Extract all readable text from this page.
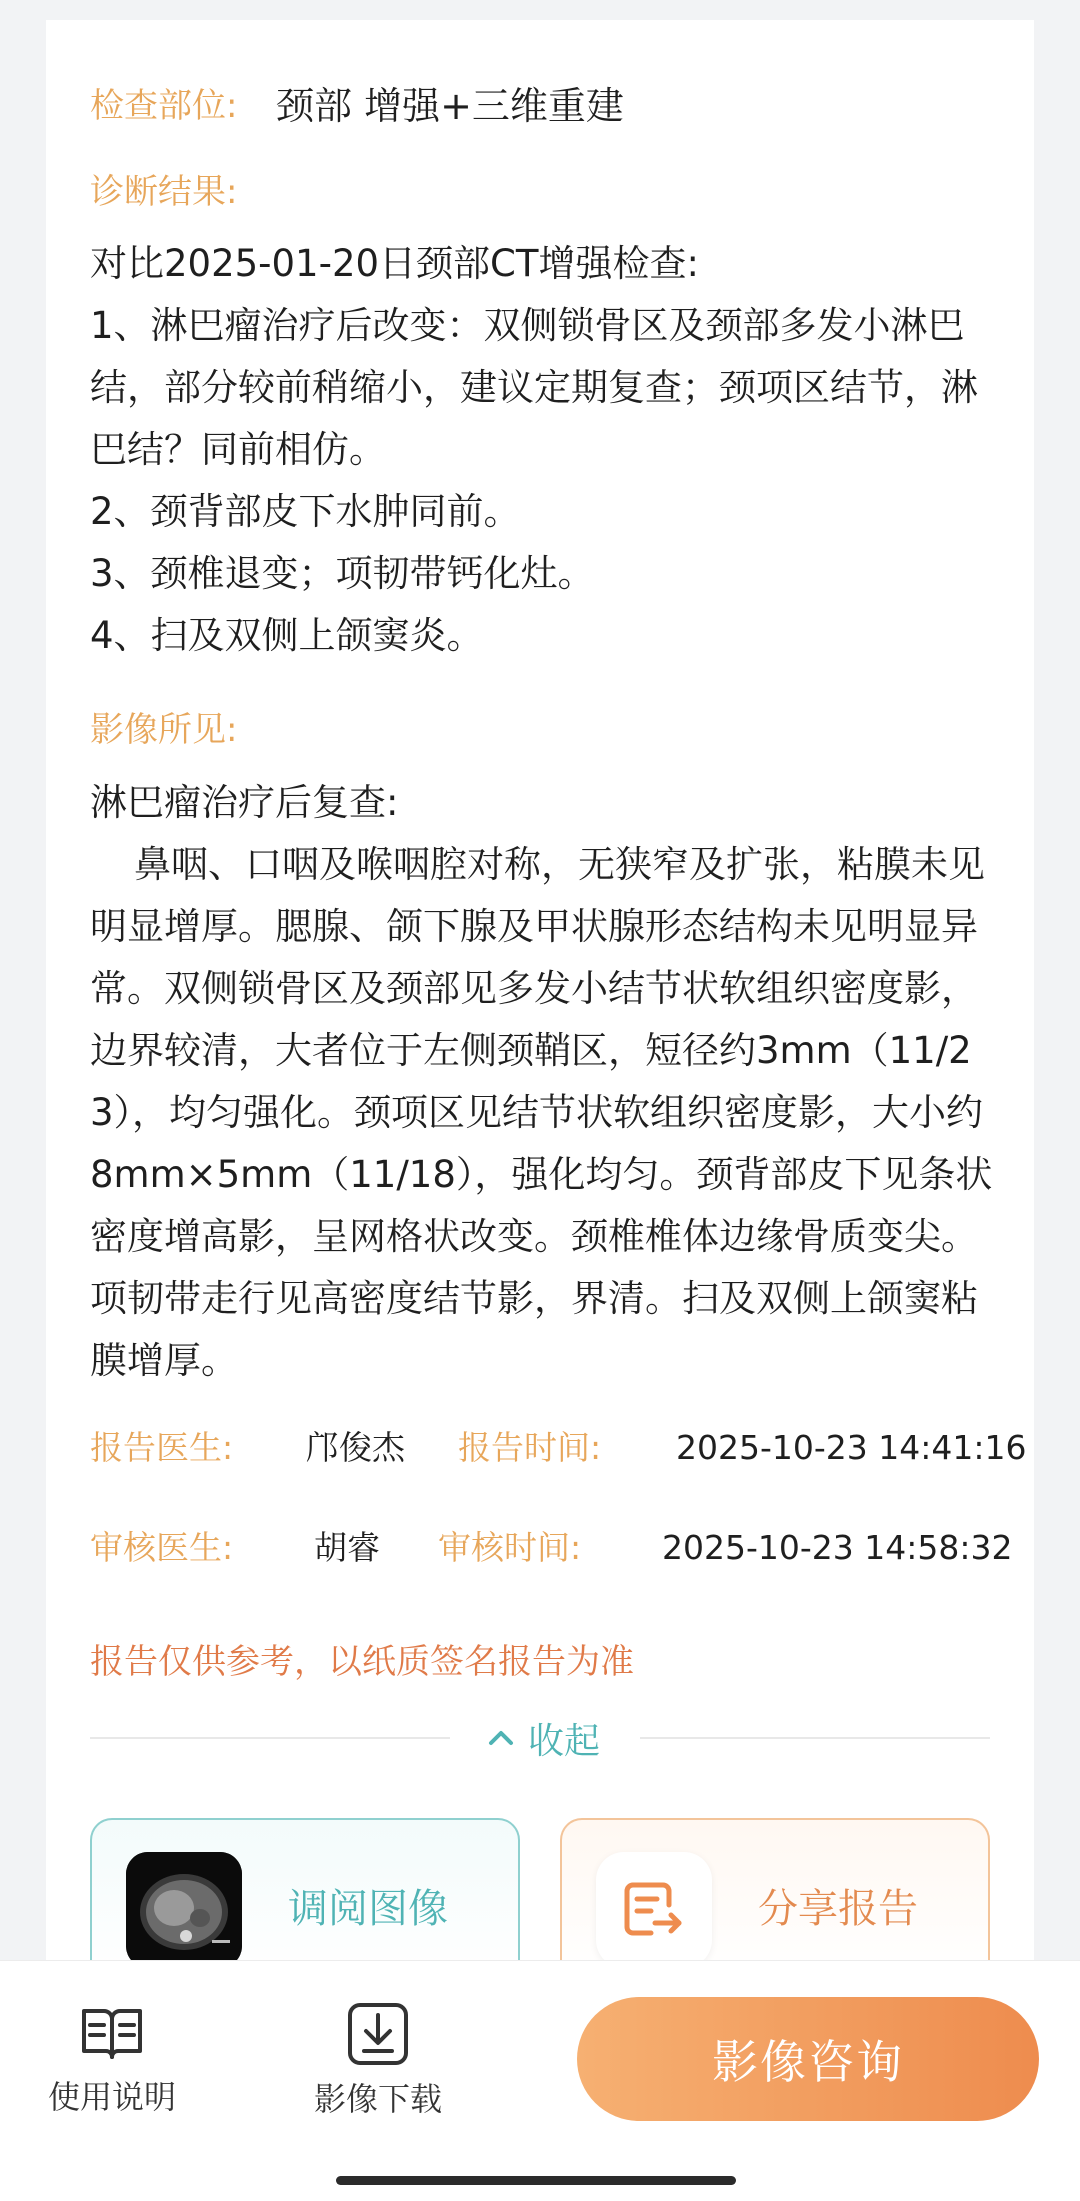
检查部位: 颈部 增强+三维重建
诊断结果:
对比2025-01-20日颈部CT增强检查:
1、淋巴瘤治疗后改变：双侧锁骨区及颈部多发小淋巴结，部分较前稍缩小，建议定期复查；颈项区结节，淋巴结？同前相仿。
2、颈背部皮下水肿同前。
3、颈椎退变；项韧带钙化灶。
4、扫及双侧上颌窦炎。
影像所见:
淋巴瘤治疗后复查:
鼻咽、口咽及喉咽腔对称，无狭窄及扩张，粘膜未见明显增厚。腮腺、颌下腺及甲状腺形态结构未见明显异常。双侧锁骨区及颈部见多发小结节状软组织密度影，边界较清，大者位于左侧颈鞘区，短径约3mm（11/23），均匀强化。颈项区见结节状软组织密度影，大小约8mm×5mm（11/18），强化均匀。颈背部皮下见条状密度增高影，呈网格状改变。颈椎椎体边缘骨质变尖。项韧带走行见高密度结节影，界清。扫及双侧上颌窦粘膜增厚。
报告医生: 邝俊杰 报告时间: 2025-10-23 14:41:16
审核医生: 胡睿 审核时间: 2025-10-23 14:58:32
报告仅供参考，以纸质签名报告为准
收起
调阅图像	分享报告
使用说明	影像下载
影像咨询
